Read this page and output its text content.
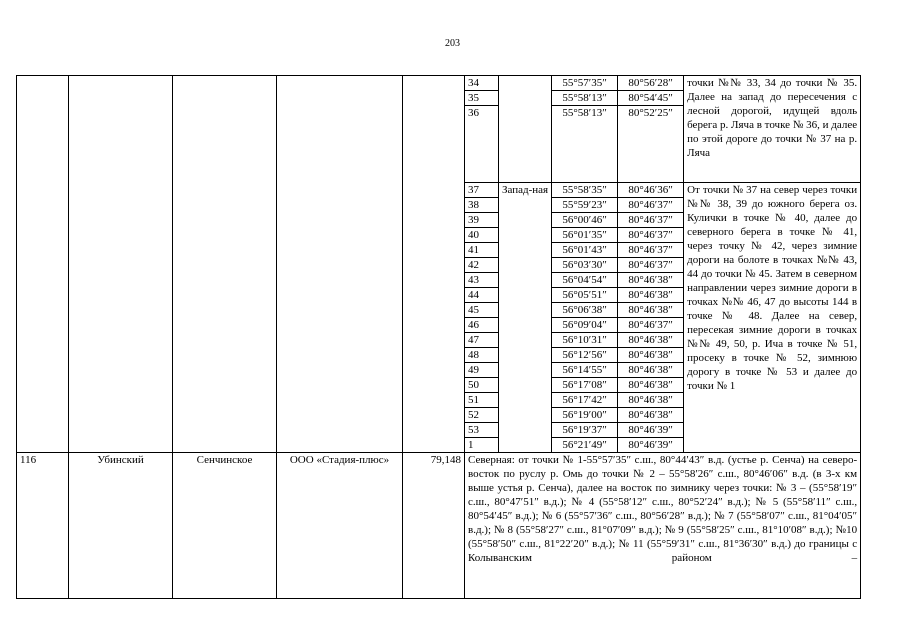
203
					34		55°57′35″	80°56′28″	точки №№ 33, 34 до точки № 35. Далее на запад до пересечения с лесной дорогой, идущей вдоль берега р. Ляча в точке № 36, и далее по этой дороге до точки № 37 на р. Ляча
					35		55°58′13″	80°54′45″	
					36		55°58′13″	80°52′25″	
					37	Запад-ная	55°58′35″	80°46′36″	От точки № 37 на север через точки №№ 38, 39 до южного берега оз. Кулички в точке № 40, далее до северного берега в точке № 41, через точку № 42, через зимние дороги на болоте в точках №№ 43, 44 до точки № 45. Затем в северном направлении через зимние дороги в точках №№ 46, 47 до высоты 144 в точке № 48. Далее на север, пересекая зимние дороги в точках №№ 49, 50, р. Ича в точке № 51, просеку в точке № 52, зимнюю дорогу в точке № 53 и далее до точки № 1
					38		55°59′23″	80°46′37″	
					39		56°00′46″	80°46′37″	
					40		56°01′35″	80°46′37″	
					41		56°01′43″	80°46′37″	
					42		56°03′30″	80°46′37″	
					43		56°04′54″	80°46′38″	
					44		56°05′51″	80°46′38″	
					45		56°06′38″	80°46′38″	
					46		56°09′04″	80°46′37″	
					47		56°10′31″	80°46′38″	
					48		56°12′56″	80°46′38″	
					49		56°14′55″	80°46′38″	
					50		56°17′08″	80°46′38″	
					51		56°17′42″	80°46′38″	
					52		56°19′00″	80°46′38″	
					53		56°19′37″	80°46′39″	
					1		56°21′49″	80°46′39″	
116	Убинский	Сенчинское	ООО «Стадия-плюс»	79,148	Северная: от точки № 1-55°57′35″ с.ш., 80°44′43″ в.д. (устье р. Сенча) на северо-восток по руслу р. Омь до точки № 2 – 55°58′26″ с.ш., 80°46′06″ в.д. (в 3-х км выше устья р. Сенча), далее на восток по зимнику через точки: № 3 – (55°58′19″ с.ш., 80°47′51″ в.д.); № 4 (55°58′12″ с.ш., 80°52′24″ в.д.); № 5 (55°58′11″ с.ш., 80°54′45″ в.д.); № 6 (55°57′36″ с.ш., 80°56′28″ в.д.); № 7 (55°58′07″ с.ш., 81°04′05″ в.д.); № 8 (55°58′27″ с.ш., 81°07′09″ в.д.); № 9 (55°58′25″ с.ш., 81°10′08″ в.д.); №10 (55°58′50″ с.ш., 81°22′20″ в.д.); № 11 (55°59′31″ с.ш., 81°36′30″ в.д.) до границы с Колыванским районом –				
